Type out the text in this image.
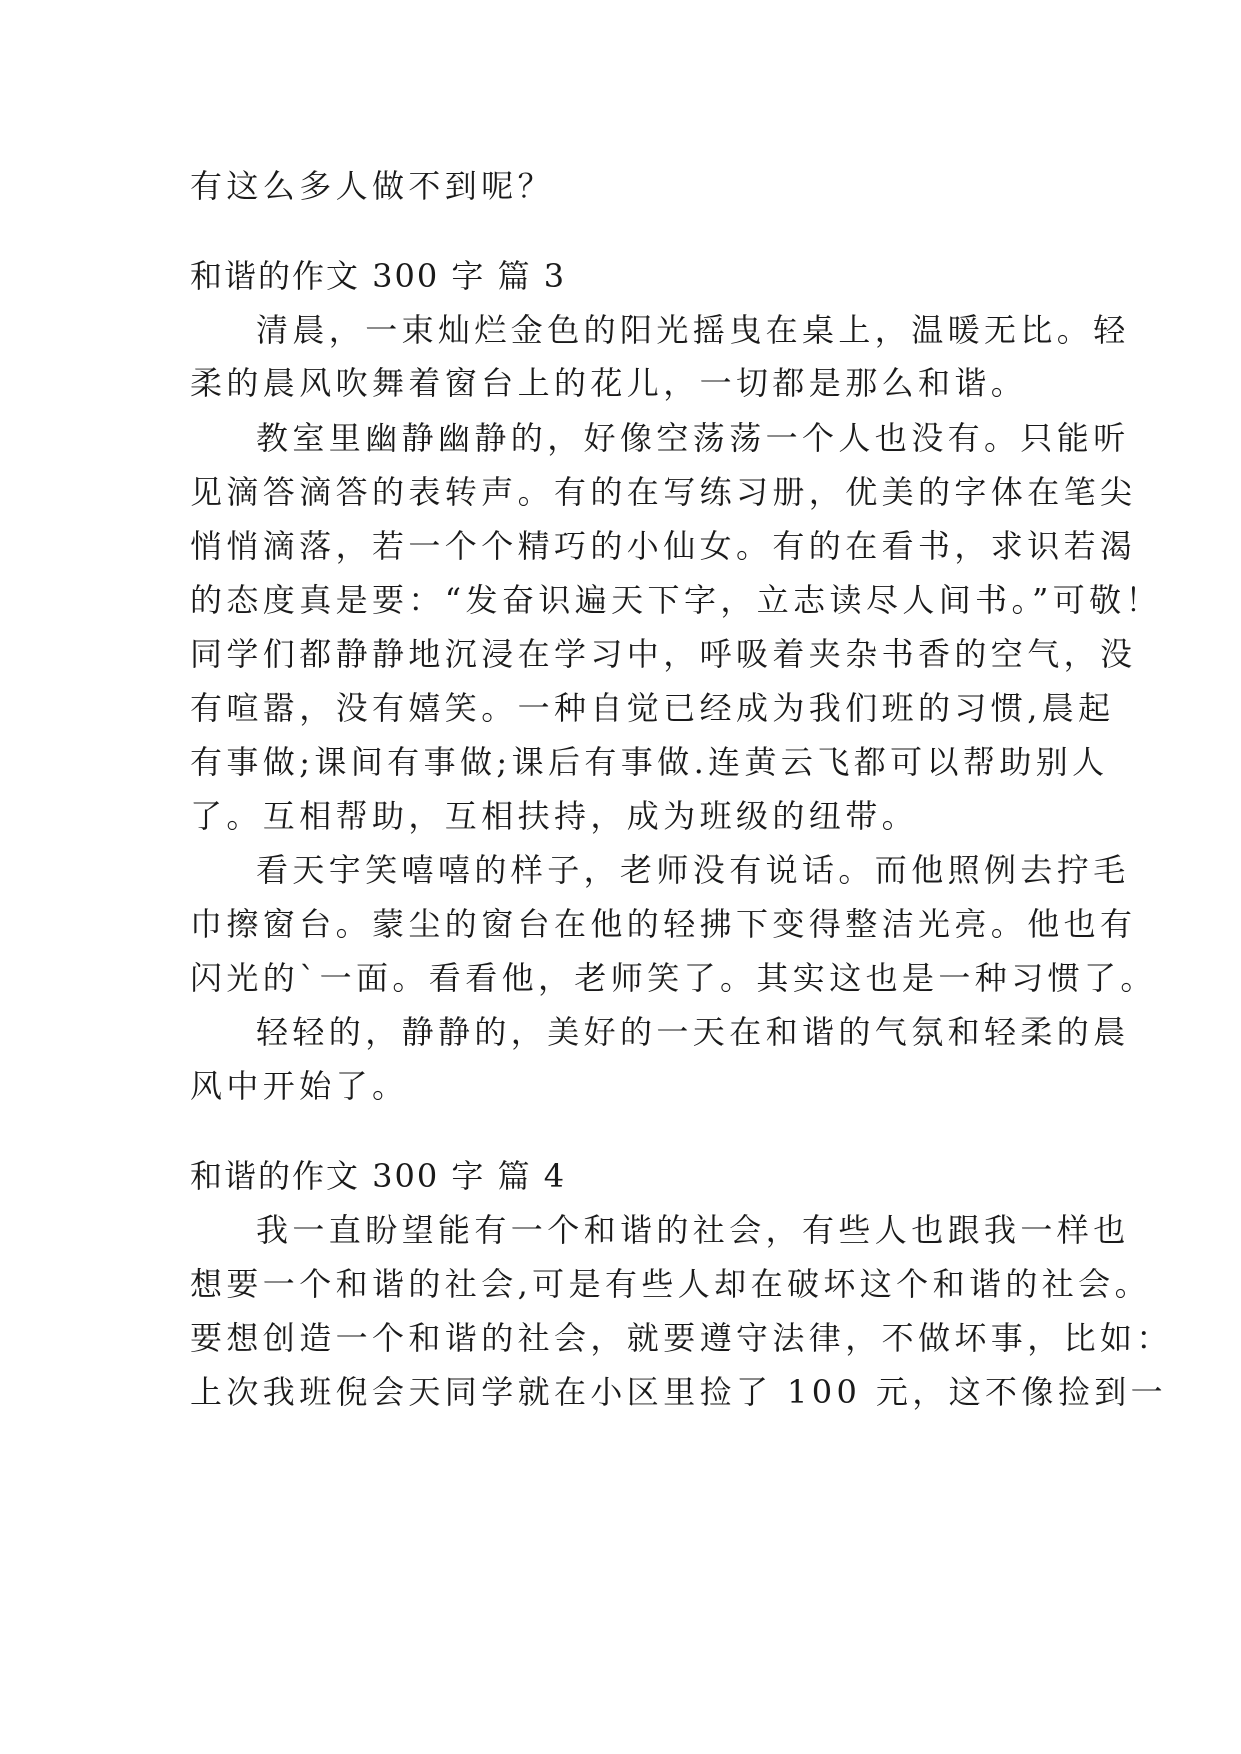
有这么多人做不到呢？
和谐的作文 300 字 篇 3
清晨，一束灿烂金色的阳光摇曳在桌上，温暖无比。轻
柔的晨风吹舞着窗台上的花儿，一切都是那么和谐。
教室里幽静幽静的，好像空荡荡一个人也没有。只能听
见滴答滴答的表转声。有的在写练习册，优美的字体在笔尖
悄悄滴落，若一个个精巧的小仙女。有的在看书，求识若渴
的态度真是要：“发奋识遍天下字，立志读尽人间书。”可敬！
同学们都静静地沉浸在学习中，呼吸着夹杂书香的空气，没
有喧嚣，没有嬉笑。一种自觉已经成为我们班的习惯,晨起
有事做;课间有事做;课后有事做.连黄云飞都可以帮助别人
了。互相帮助，互相扶持，成为班级的纽带。
看天宇笑嘻嘻的样子，老师没有说话。而他照例去拧毛
巾擦窗台。蒙尘的窗台在他的轻拂下变得整洁光亮。他也有
闪光的`一面。看看他，老师笑了。其实这也是一种习惯了。
轻轻的，静静的，美好的一天在和谐的气氛和轻柔的晨
风中开始了。
和谐的作文 300 字 篇 4
我一直盼望能有一个和谐的社会，有些人也跟我一样也
想要一个和谐的社会,可是有些人却在破坏这个和谐的社会。
要想创造一个和谐的社会，就要遵守法律，不做坏事，比如：
上次我班倪会天同学就在小区里捡了 100 元，这不像捡到一
